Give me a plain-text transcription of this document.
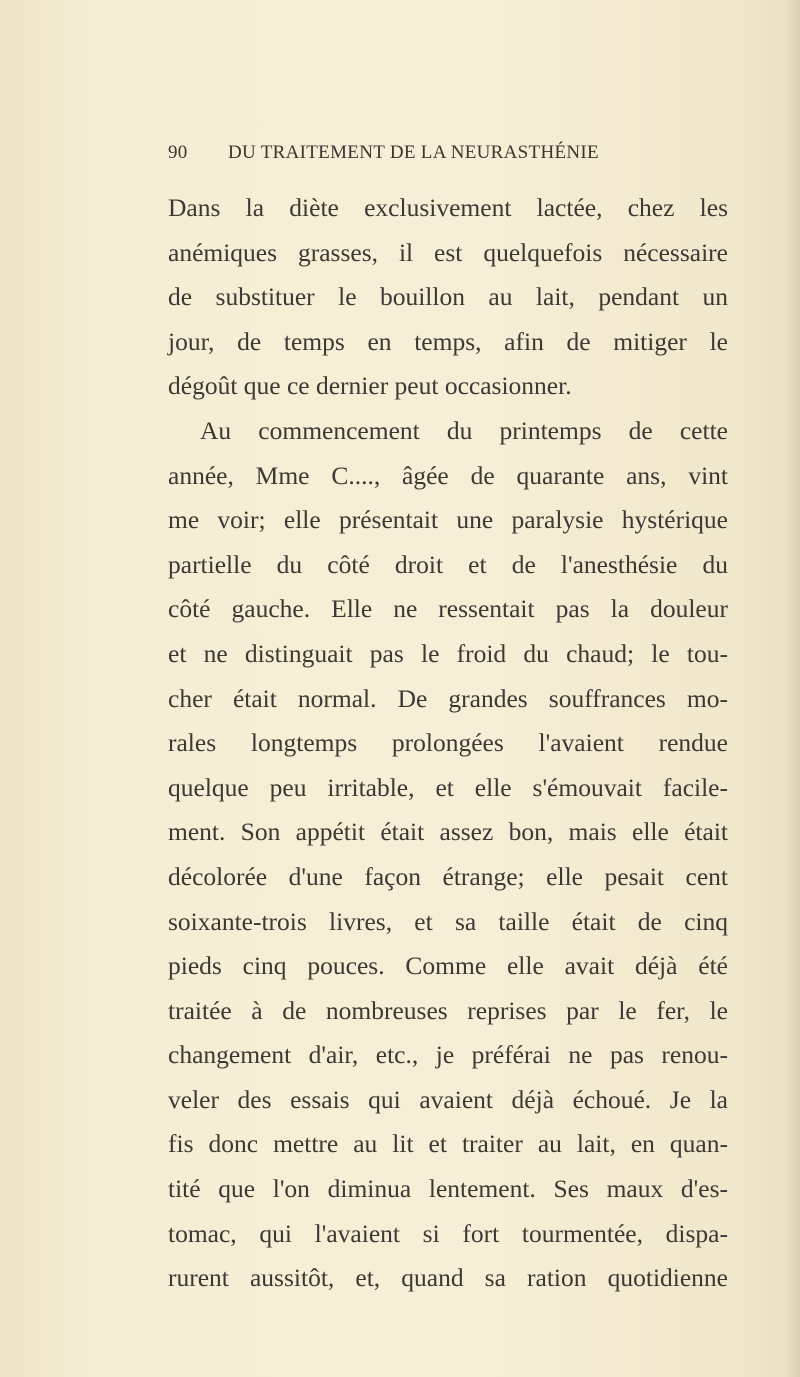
90 DU TRAITEMENT DE LA NEURASTHÉNIE
Dans la diète exclusivement lactée, chez les
anémiques grasses, il est quelquefois nécessaire
de substituer le bouillon au lait, pendant un
jour, de temps en temps, afin de mitiger le
dégoût que ce dernier peut occasionner.
Au commencement du printemps de cette
année, Mme C...., âgée de quarante ans, vint
me voir; elle présentait une paralysie hystérique
partielle du côté droit et de l'anesthésie du
côté gauche. Elle ne ressentait pas la douleur
et ne distinguait pas le froid du chaud; le tou-
cher était normal. De grandes souffrances mo-
rales longtemps prolongées l'avaient rendue
quelque peu irritable, et elle s'émouvait facile-
ment. Son appétit était assez bon, mais elle était
décolorée d'une façon étrange; elle pesait cent
soixante-trois livres, et sa taille était de cinq
pieds cinq pouces. Comme elle avait déjà été
traitée à de nombreuses reprises par le fer, le
changement d'air, etc., je préférai ne pas renou-
veler des essais qui avaient déjà échoué. Je la
fis donc mettre au lit et traiter au lait, en quan-
tité que l'on diminua lentement. Ses maux d'es-
tomac, qui l'avaient si fort tourmentée, dispa-
rurent aussitôt, et, quand sa ration quotidienne
